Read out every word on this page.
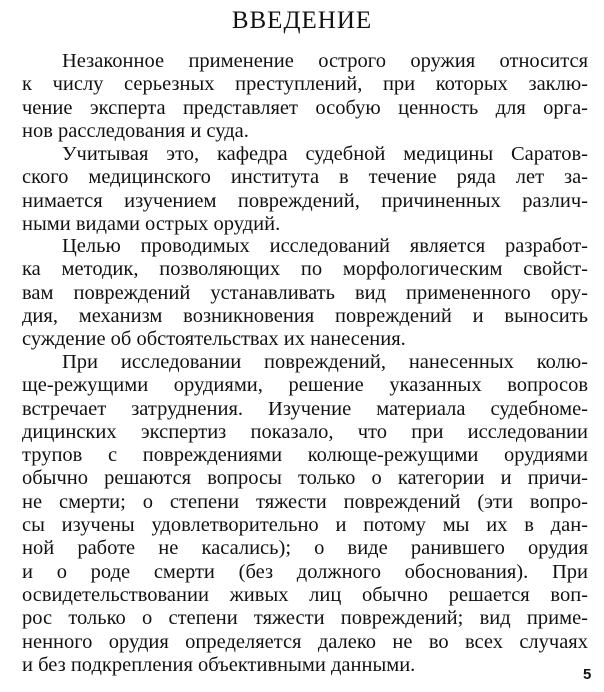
ВВЕДЕНИЕ
Незаконное применение острого оружия относится
к числу серьезных преступлений, при которых заклю-
чение эксперта представляет особую ценность для орга-
нов расследования и суда.
Учитывая это, кафедра судебной медицины Саратов-
ского медицинского института в течение ряда лет за-
нимается изучением повреждений, причиненных различ-
ными видами острых орудий.
Целью проводимых исследований является разработ-
ка методик, позволяющих по морфологическим свойст-
вам повреждений устанавливать вид примененного ору-
дия, механизм возникновения повреждений и выносить
суждение об обстоятельствах их нанесения.
При исследовании повреждений, нанесенных колю-
ще-режущими орудиями, решение указанных вопросов
встречает затруднения. Изучение материала судебноме-
дицинских экспертиз показало, что при исследовании
трупов с повреждениями колюще-режущими орудиями
обычно решаются вопросы только о категории и причи-
не смерти; о степени тяжести повреждений (эти вопро-
сы изучены удовлетворительно и потому мы их в дан-
ной работе не касались); о виде ранившего орудия
и о роде смерти (без должного обоснования). При
освидетельствовании живых лиц обычно решается воп-
рос только о степени тяжести повреждений; вид приме-
ненного орудия определяется далеко не во всех случаях
и без подкрепления объективными данными.	5
